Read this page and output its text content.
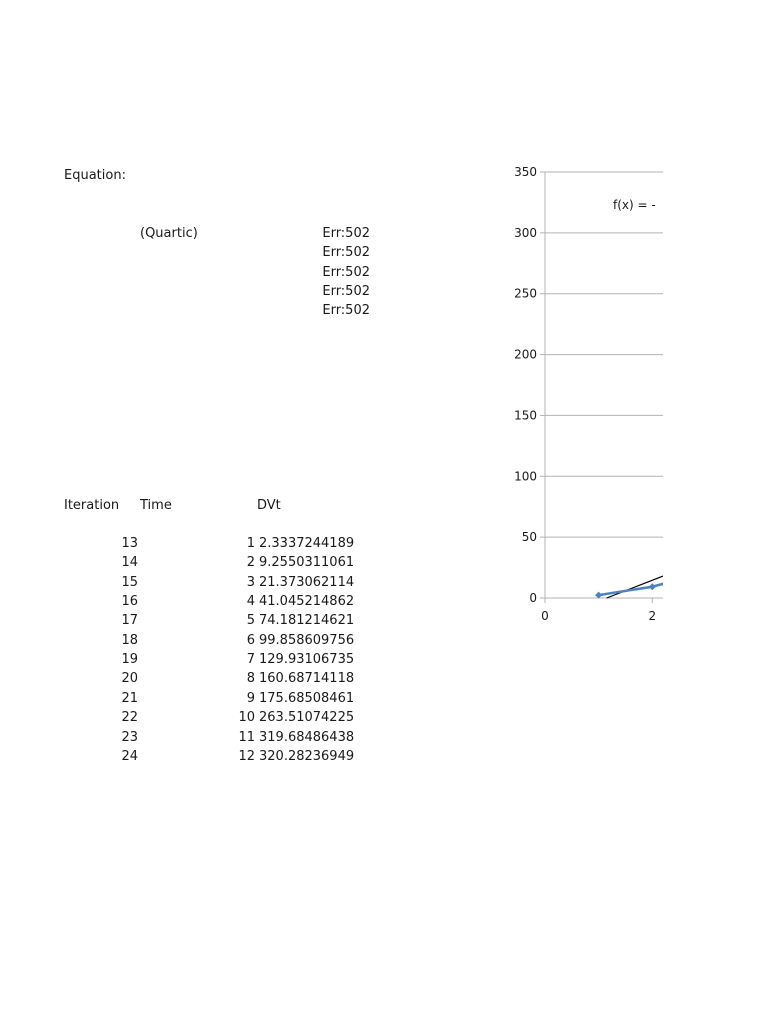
Equation:
(Quartic)	Err:502
Err:502
Err:502
Err:502
Err:502
Iteration Time	DVt
13	1 2.3337244189
14	2 9.2550311061
15	3 21.373062114
16	4 41.045214862
17	5 74.181214621
18	6 99.858609756
19	7 129.93106735
20	8 160.68714118
21	9 175.68508461
22	10 263.51074225
23	11 319.68486438
24	12 320.28236949
0
50
100
150
200
250
300
350
0	2
f(x) = -
